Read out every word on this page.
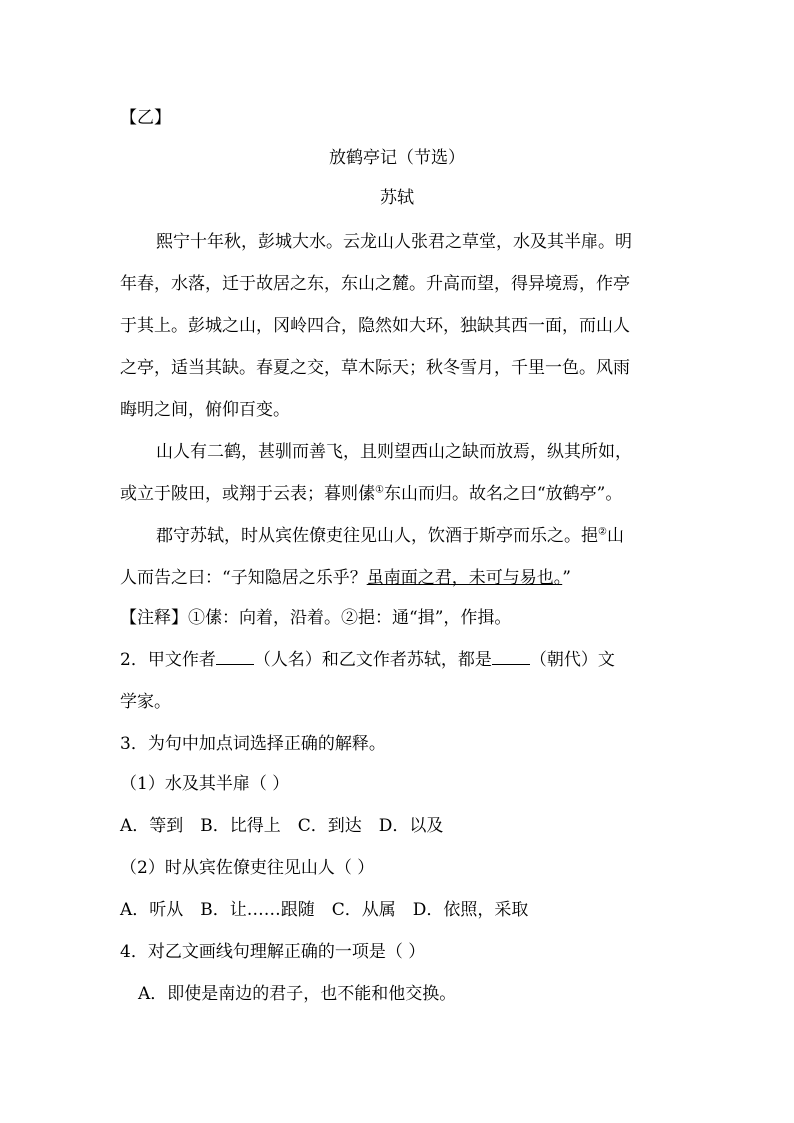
【乙】
放鹤亭记（节选）
苏轼
熙宁十年秋，彭城大水。云龙山人张君之草堂，水及其半扉。明
年春，水落，迁于故居之东，东山之麓。升高而望，得异境焉，作亭
于其上。彭城之山，冈岭四合，隐然如大环，独缺其西一面，而山人
之亭，适当其缺。春夏之交，草木际天；秋冬雪月，千里一色。风雨
晦明之间，俯仰百变。
山人有二鹤，甚驯而善飞，且则望西山之缺而放焉，纵其所如，
或立于陂田，或翔于云表；暮则傃①东山而归。故名之曰“放鹤亭”。
郡守苏轼，时从宾佐僚吏往见山人，饮酒于斯亭而乐之。挹②山
人而告之曰：“子知隐居之乐乎？虽南面之君，未可与易也。”
【注释】①傃：向着，沿着。②挹：通“揖”，作揖。
2．甲文作者 （人名）和乙文作者苏轼，都是 （朝代）文
学家。
3．为句中加点词选择正确的解释。
（1）水及其半扉（ ）
A．等到　B．比得上　C．到达　D．以及
（2）时从宾佐僚吏往见山人（ ）
A．听从　B．让……跟随　C．从属　D．依照，采取
4．对乙文画线句理解正确的一项是（ ）
A．即使是南边的君子，也不能和他交换。
